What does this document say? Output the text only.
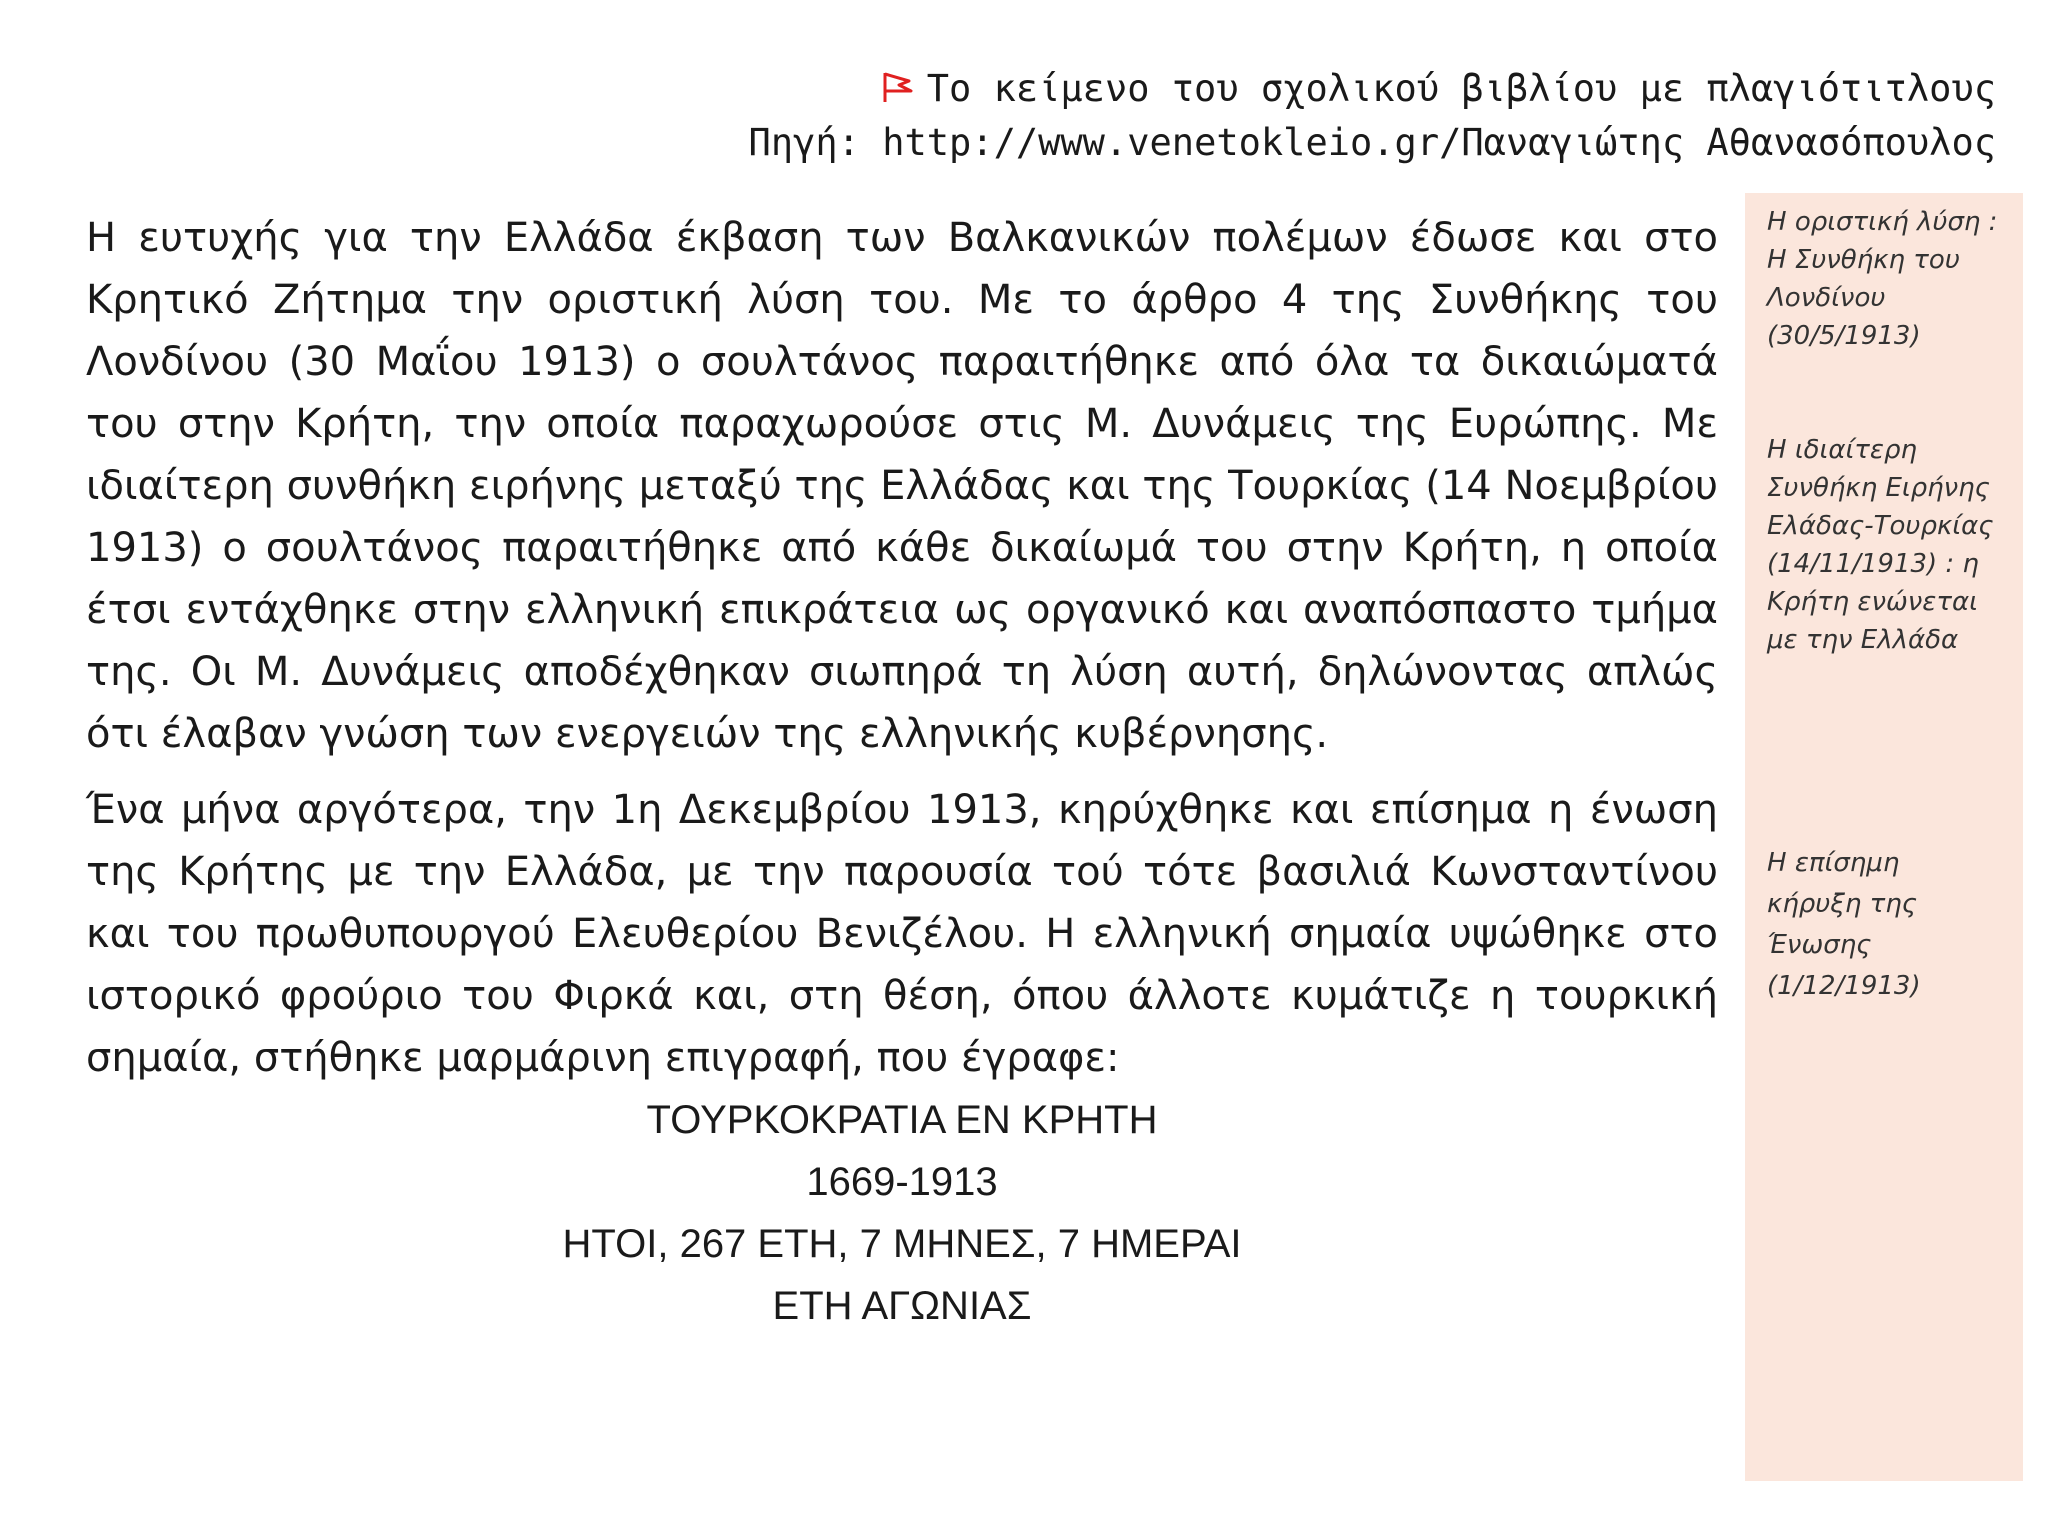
Το κείμενο του σχολικού βιβλίου με πλαγιότιτλους
Πηγή: http://www.venetokleio.gr/Παναγιώτης Αθανασόπουλος

Η ευτυχής για την Ελλάδα έκβαση των Βαλκανικών πολέμων έδωσε και στο Κρητικό Ζήτημα την οριστική λύση του. Με το άρθρο 4 της Συνθήκης του Λονδίνου (30 Μαΐου 1913) ο σουλτάνος παραιτήθηκε από όλα τα δικαιώματά του στην Κρήτη, την οποία παραχωρούσε στις Μ. Δυνάμεις της Ευρώπης. Με ιδιαίτερη συνθήκη ειρήνης μεταξύ της Ελλάδας και της Τουρκίας (14 Νοεμβρίου 1913) ο σουλτάνος παραιτήθηκε από κάθε δικαίωμά του στην Κρήτη, η οποία έτσι εντάχθηκε στην ελληνική επικράτεια ως οργανικό και αναπόσπαστο τμήμα της. Οι Μ. Δυνάμεις αποδέχθηκαν σιωπηρά τη λύση αυτή, δηλώνοντας απλώς ότι έλαβαν γνώση των ενεργειών της ελληνικής κυβέρνησης.

Ένα μήνα αργότερα, την 1η Δεκεμβρίου 1913, κηρύχθηκε και επίσημα η ένωση της Κρήτης με την Ελλάδα, με την παρουσία τού τότε βασιλιά Κωνσταντίνου και του πρωθυπουργού Ελευθερίου Βενιζέλου. Η ελληνική σημαία υψώθηκε στο ιστορικό φρούριο του Φιρκά και, στη θέση, όπου άλλοτε κυμάτιζε η τουρκική σημαία, στήθηκε μαρμάρινη επιγραφή, που έγραφε:

ΤΟΥΡΚΟΚΡΑΤΙΑ ΕΝ ΚΡΗΤΗ
1669-1913
ΗΤΟΙ, 267 ΕΤΗ, 7 ΜΗΝΕΣ, 7 ΗΜΕΡΑΙ
ΕΤΗ ΑΓΩΝΙΑΣ
Η οριστική λύση :
Η Συνθήκη του
Λονδίνου
(30/5/1913)
Η ιδιαίτερη
Συνθήκη Ειρήνης
Ελάδας-Τουρκίας
(14/11/1913) : η
Κρήτη ενώνεται
με την Ελλάδα
Η επίσημη
κήρυξη της
Ένωσης
(1/12/1913)
